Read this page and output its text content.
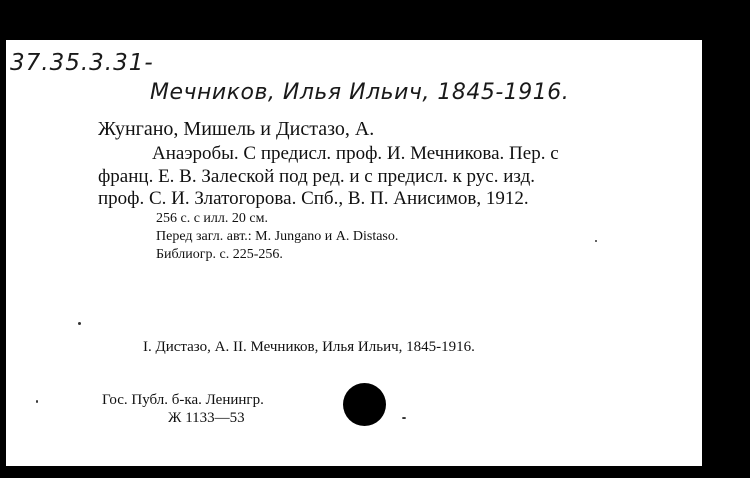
37.35.3.31-
Мечников, Илья Ильич, 1845-1916.
Жунгано, Мишель и Дистазо, А.
Анаэробы. С предисл. проф. И. Мечникова. Пер. с
франц. Е. В. Залеской под ред. и с предисл. к рус. изд.
проф. С. И. Златогорова. Спб., В. П. Анисимов, 1912.
256 с. с илл. 20 см.
Перед загл. авт.: M. Jungano и A. Distaso.
Библиогр. с. 225-256.
I. Дистазо, А. II. Мечников, Илья Ильич, 1845-1916.
Гос. Публ. б-ка. Ленингр.
Ж 1133—53
